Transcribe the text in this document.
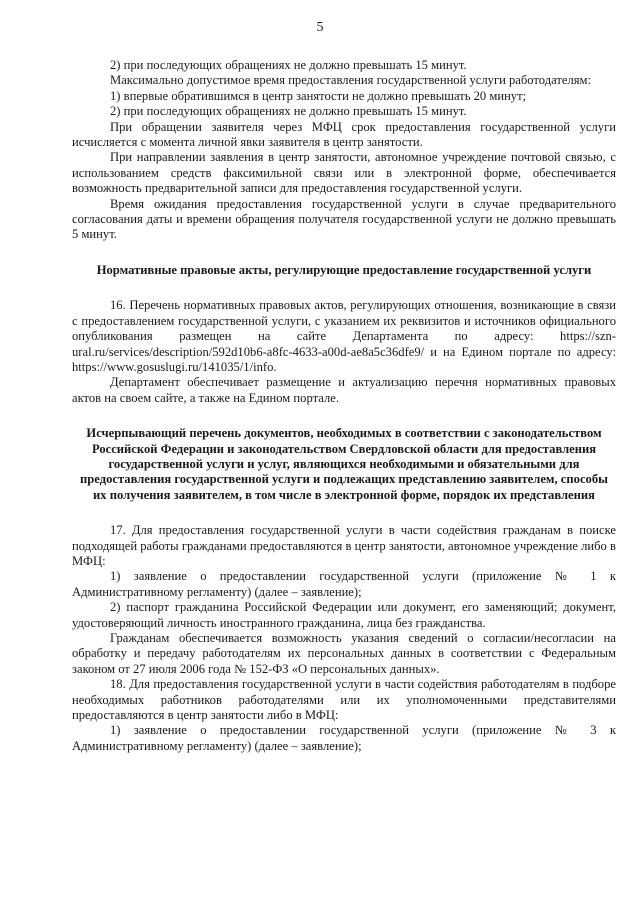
5

2) при последующих обращениях не должно превышать 15 минут.

Максимально допустимое время предоставления государственной услуги работодателям:

1) впервые обратившимся в центр занятости не должно превышать 20 минут;

2) при последующих обращениях не должно превышать 15 минут.

При обращении заявителя через МФЦ срок предоставления государственной услуги исчисляется с момента личной явки заявителя в центр занятости.

При направлении заявления в центр занятости, автономное учреждение почтовой связью, с использованием средств факсимильной связи или в электронной форме, обеспечивается возможность предварительной записи для предоставления государственной услуги.

Время ожидания предоставления государственной услуги в случае предварительного согласования даты и времени обращения получателя государственной услуги не должно превышать 5 минут.

Нормативные правовые акты, регулирующие предоставление государственной услуги

16. Перечень нормативных правовых актов, регулирующих отношения, возникающие в связи с предоставлением государственной услуги, с указанием их реквизитов и источников официального опубликования размещен на сайте Департамента по адресу: https://szn-ural.ru/services/description/592d10b6-a8fc-4633-a00d-ae8a5c36dfe9/ и на Едином портале по адресу: https://www.gosuslugi.ru/141035/1/info.

Департамент обеспечивает размещение и актуализацию перечня нормативных правовых актов на своем сайте, а также на Едином портале.

Исчерпывающий перечень документов, необходимых в соответствии с законодательством Российской Федерации и законодательством Свердловской области для предоставления государственной услуги и услуг, являющихся необходимыми и обязательными для предоставления государственной услуги и подлежащих представлению заявителем, способы их получения заявителем, в том числе в электронной форме, порядок их представления

17. Для предоставления государственной услуги в части содействия гражданам в поиске подходящей работы гражданами предоставляются в центр занятости, автономное учреждение либо в МФЦ:

1) заявление о предоставлении государственной услуги (приложение № 1 к Административному регламенту) (далее – заявление);

2) паспорт гражданина Российской Федерации или документ, его заменяющий; документ, удостоверяющий личность иностранного гражданина, лица без гражданства.

Гражданам обеспечивается возможность указания сведений о согласии/несогласии на обработку и передачу работодателям их персональных данных в соответствии с Федеральным законом от 27 июля 2006 года № 152-ФЗ «О персональных данных».

18. Для предоставления государственной услуги в части содействия работодателям в подборе необходимых работников работодателями или их уполномоченными представителями предоставляются в центр занятости либо в МФЦ:

1) заявление о предоставлении государственной услуги (приложение № 3 к Административному регламенту) (далее – заявление);
